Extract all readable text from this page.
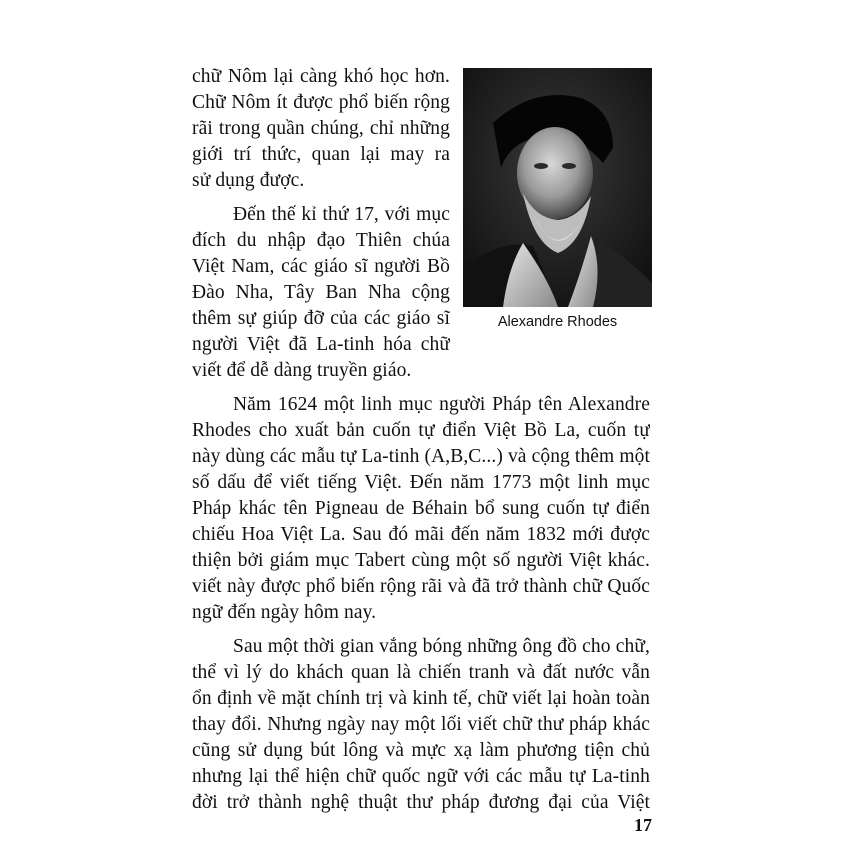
chữ Nôm lại càng khó học hơn.
Chữ Nôm ít được phổ biến rộng
rãi trong quần chúng, chỉ những
giới trí thức, quan lại may ra
sử dụng được.
Đến thế kỉ thứ 17, với mục
đích du nhập đạo Thiên chúa
Việt Nam, các giáo sĩ người Bồ
Đào Nha, Tây Ban Nha cộng
thêm sự giúp đỡ của các giáo sĩ
người Việt đã La-tinh hóa chữ
viết để dễ dàng truyền giáo.
Alexandre Rhodes
Năm 1624 một linh mục người Pháp tên Alexandre
Rhodes cho xuất bản cuốn tự điển Việt Bồ La, cuốn tự
này dùng các mẫu tự La-tinh (A,B,C...) và cộng thêm một
số dấu để viết tiếng Việt. Đến năm 1773 một linh mục
Pháp khác tên Pigneau de Béhain bổ sung cuốn tự điển
chiếu Hoa Việt La. Sau đó mãi đến năm 1832 mới được
thiện bởi giám mục Tabert cùng một số người Việt khác.
viết này được phổ biến rộng rãi và đã trở thành chữ Quốc
ngữ đến ngày hôm nay.
Sau một thời gian vắng bóng những ông đồ cho chữ,
thể vì lý do khách quan là chiến tranh và đất nước vẫn
ổn định về mặt chính trị và kinh tế, chữ viết lại hoàn toàn
thay đổi. Nhưng ngày nay một lối viết chữ thư pháp khác
cũng sử dụng bút lông và mực xạ làm phương tiện chủ
nhưng lại thể hiện chữ quốc ngữ với các mẫu tự La-tinh
đời trở thành nghệ thuật thư pháp đương đại của Việt
17
